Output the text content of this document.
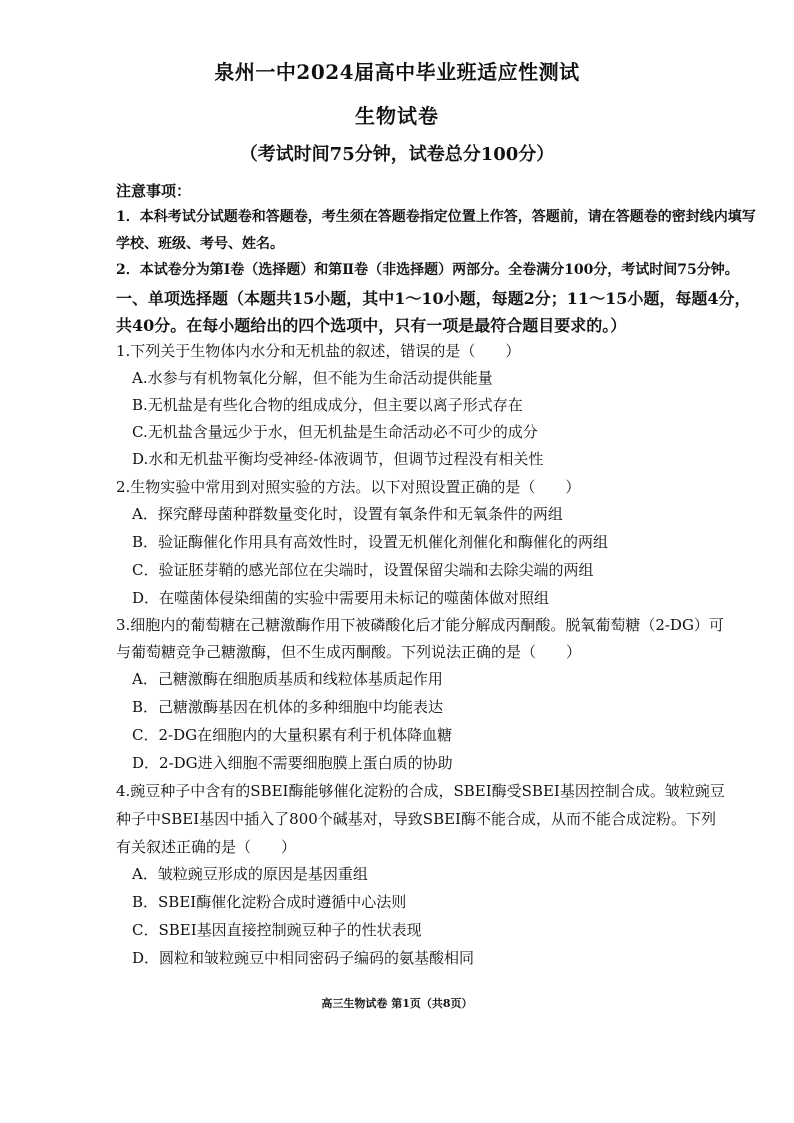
泉州一中2024届高中毕业班适应性测试
生物试卷
（考试时间75分钟，试卷总分100分）
注意事项：
1．本科考试分试题卷和答题卷，考生须在答题卷指定位置上作答，答题前，请在答题卷的密封线内填写
学校、班级、考号、姓名。
2．本试卷分为第Ⅰ卷（选择题）和第Ⅱ卷（非选择题）两部分。全卷满分100分，考试时间75分钟。
一、单项选择题（本题共15小题，其中1～10小题，每题2分；11～15小题，每题4分，
共40分。在每小题给出的四个选项中，只有一项是最符合题目要求的。）
1.下列关于生物体内水分和无机盐的叙述，错误的是（　　）
A.水参与有机物氧化分解，但不能为生命活动提供能量
B.无机盐是有些化合物的组成成分，但主要以离子形式存在
C.无机盐含量远少于水，但无机盐是生命活动必不可少的成分
D.水和无机盐平衡均受神经-体液调节，但调节过程没有相关性
2.生物实验中常用到对照实验的方法。以下对照设置正确的是（　　）
A．探究酵母菌种群数量变化时，设置有氧条件和无氧条件的两组
B．验证酶催化作用具有高效性时，设置无机催化剂催化和酶催化的两组
C．验证胚芽鞘的感光部位在尖端时，设置保留尖端和去除尖端的两组
D．在噬菌体侵染细菌的实验中需要用未标记的噬菌体做对照组
3.细胞内的葡萄糖在己糖激酶作用下被磷酸化后才能分解成丙酮酸。脱氧葡萄糖（2-DG）可
与葡萄糖竞争己糖激酶，但不生成丙酮酸。下列说法正确的是（　　）
A．己糖激酶在细胞质基质和线粒体基质起作用
B．己糖激酶基因在机体的多种细胞中均能表达
C．2-DG在细胞内的大量积累有利于机体降血糖
D．2-DG进入细胞不需要细胞膜上蛋白质的协助
4.豌豆种子中含有的SBEI酶能够催化淀粉的合成，SBEI酶受SBEI基因控制合成。皱粒豌豆
种子中SBEI基因中插入了800个碱基对，导致SBEI酶不能合成，从而不能合成淀粉。下列
有关叙述正确的是（　　）
A．皱粒豌豆形成的原因是基因重组
B．SBEI酶催化淀粉合成时遵循中心法则
C．SBEI基因直接控制豌豆种子的性状表现
D．圆粒和皱粒豌豆中相同密码子编码的氨基酸相同
高三生物试卷 第1页（共8页）
